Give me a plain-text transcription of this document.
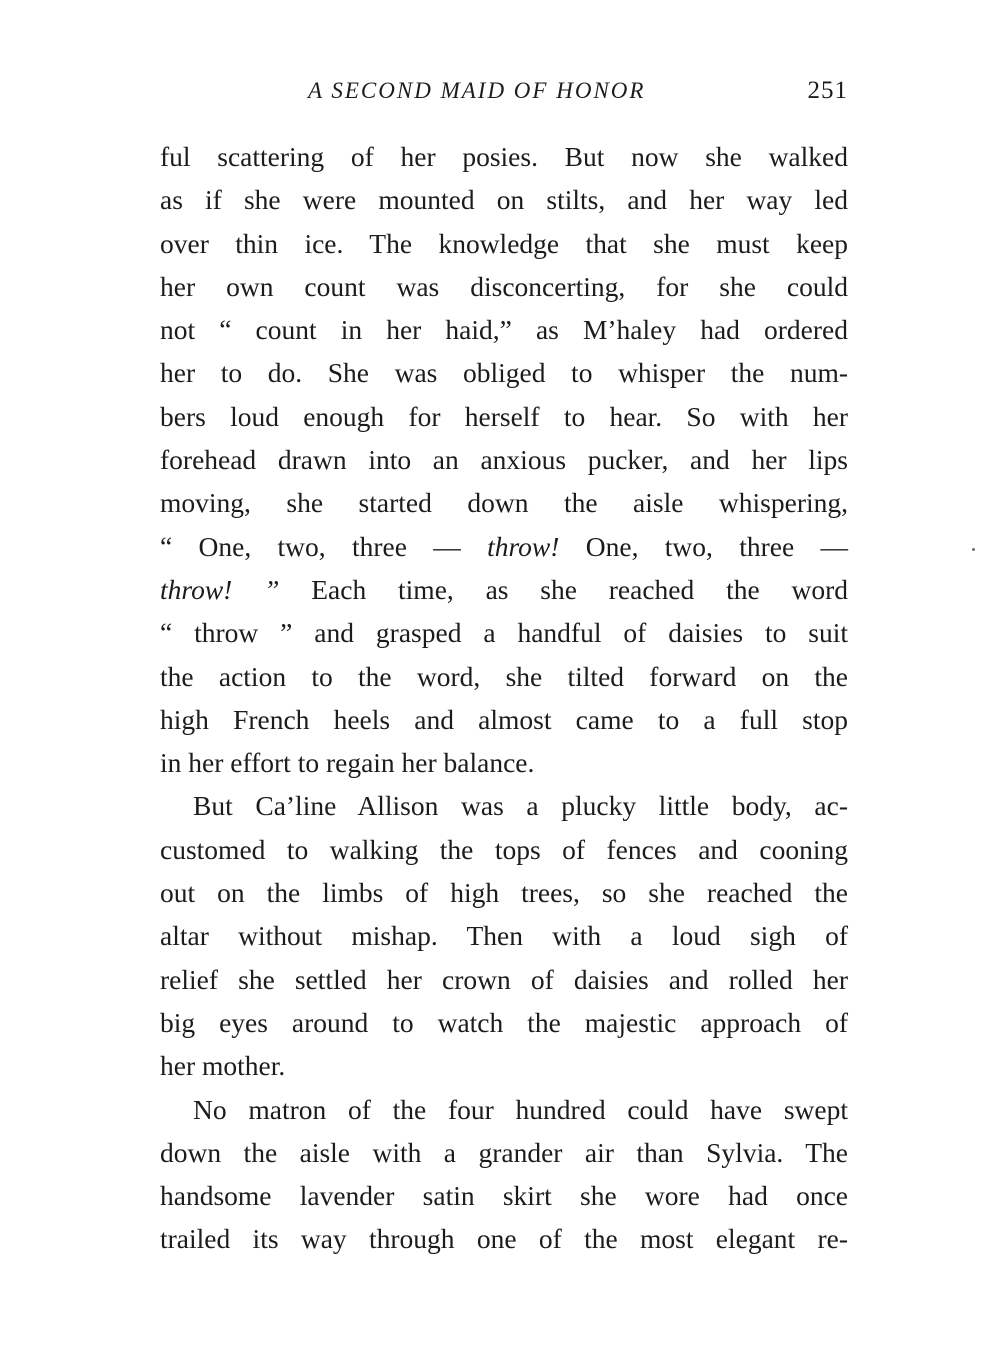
A SECOND MAID OF HONOR	251
ful scattering of her posies. But now she walked
as if she were mounted on stilts, and her way led
over thin ice. The knowledge that she must keep
her own count was disconcerting, for she could
not “ count in her haid,” as M’haley had ordered
her to do. She was obliged to whisper the num-
bers loud enough for herself to hear. So with her
forehead drawn into an anxious pucker, and her lips
moving, she started down the aisle whispering,
“ One, two, three — throw! One, two, three —
throw! ” Each time, as she reached the word
“ throw ” and grasped a handful of daisies to suit
the action to the word, she tilted forward on the
high French heels and almost came to a full stop
in her effort to regain her balance.
But Ca’line Allison was a plucky little body, ac-
customed to walking the tops of fences and cooning
out on the limbs of high trees, so she reached the
altar without mishap. Then with a loud sigh of
relief she settled her crown of daisies and rolled her
big eyes around to watch the majestic approach of
her mother.
No matron of the four hundred could have swept
down the aisle with a grander air than Sylvia. The
handsome lavender satin skirt she wore had once
trailed its way through one of the most elegant re-
